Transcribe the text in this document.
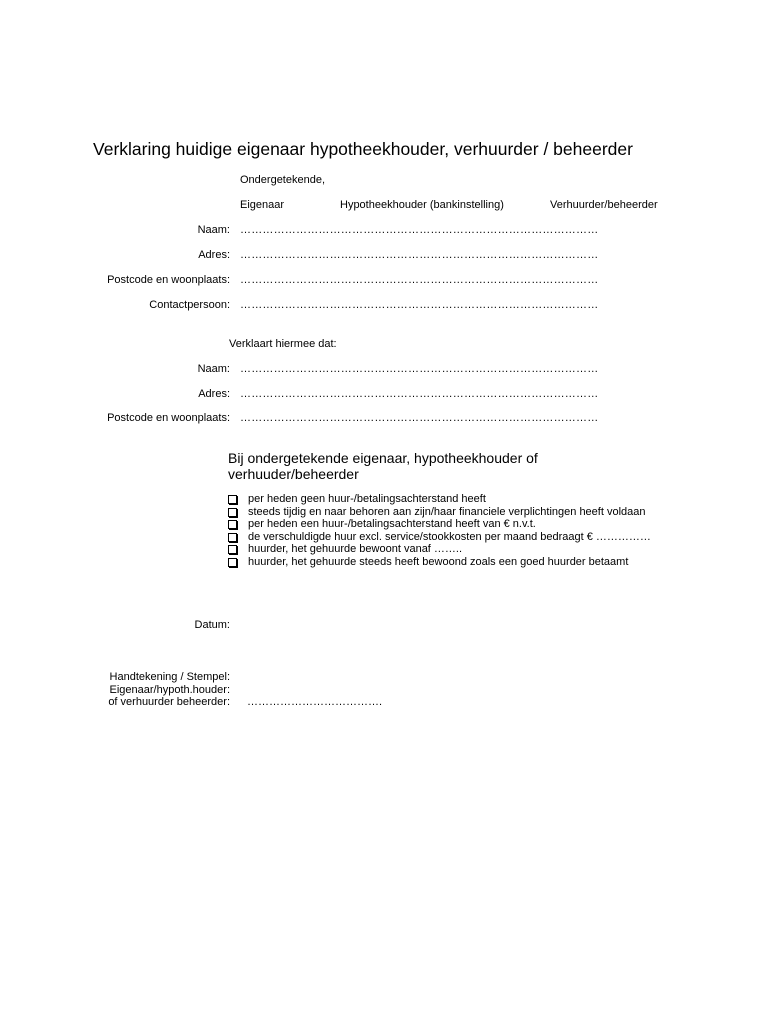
Verklaring huidige eigenaar hypotheekhouder, verhuurder / beheerder
Ondergetekende,
Eigenaar	Hypotheekhouder (bankinstelling)	Verhuurder/beheerder
Naam: ……………………………………………………………………………………
Adres: ……………………………………………………………………………………
Postcode en woonplaats: ……………………………………………………………………………………
Contactpersoon: ……………………………………………………………………………………
Verklaart hiermee dat:
Naam: ……………………………………………………………………………………
Adres: ……………………………………………………………………………………
Postcode en woonplaats: ……………………………………………………………………………………
Bij ondergetekende eigenaar, hypotheekhouder of verhuuder/beheerder
per heden geen huur-/betalingsachterstand heeft
steeds tijdig en naar behoren aan zijn/haar financiele verplichtingen heeft voldaan
per heden een huur-/betalingsachterstand heeft van € n.v.t.
de verschuldigde huur excl. service/stookkosten per maand bedraagt € ……………
huurder, het gehuurde bewoont vanaf ……..
huurder, het gehuurde steeds heeft bewoond zoals een goed huurder betaamt
Datum:
Handtekening / Stempel:
Eigenaar/hypoth.houder:
of verhuurder beheerder: ……………………………….
